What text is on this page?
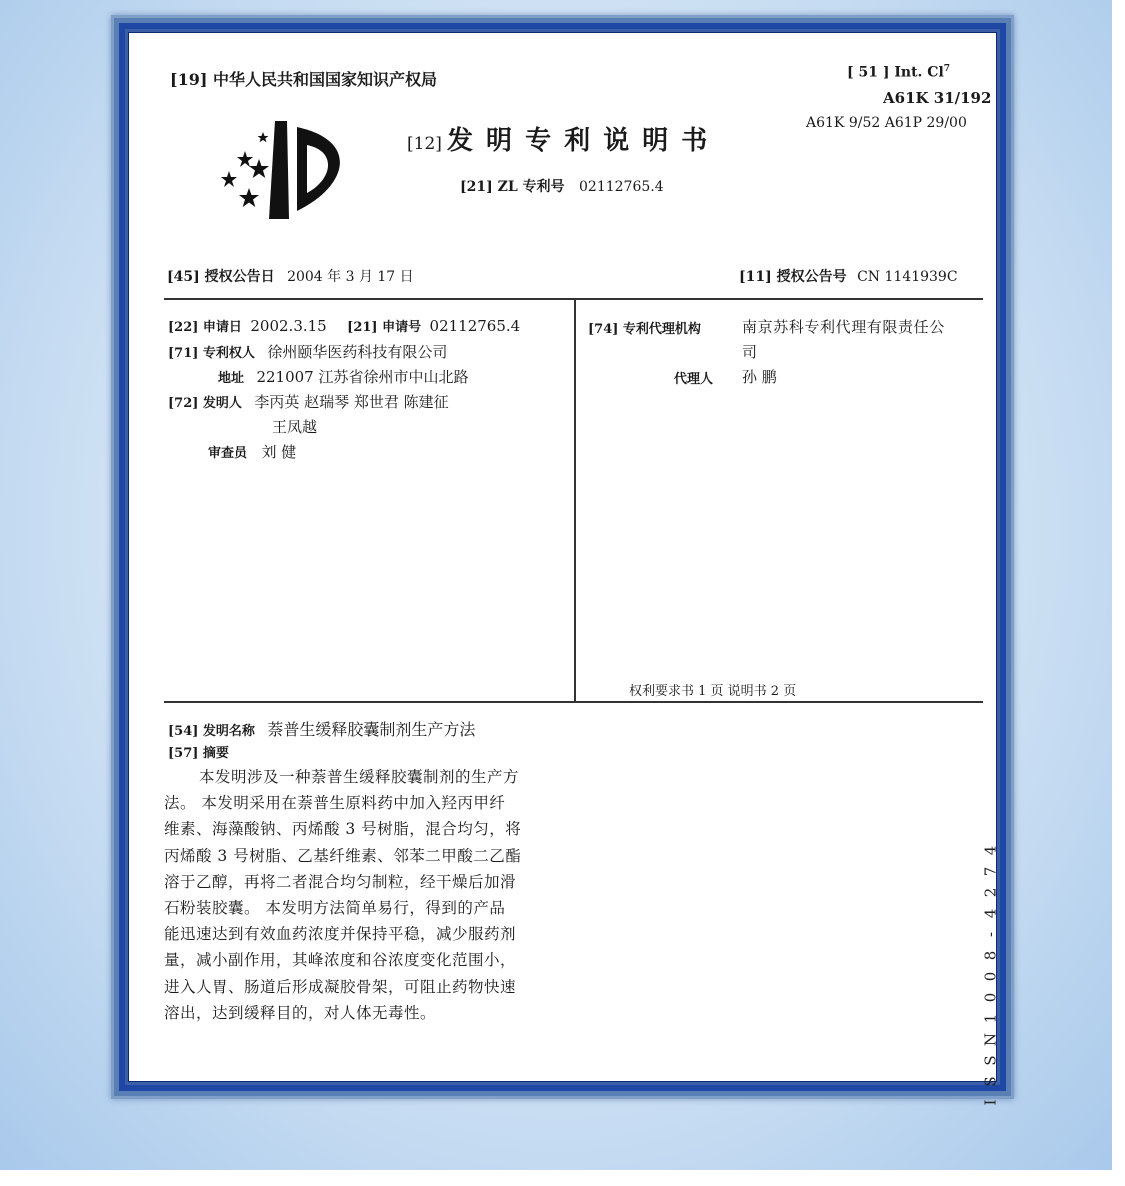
[19] 中华人民共和国国家知识产权局	[ 51 ] Int. Cl$^7$
A61K 31/192
A61K 9/52 A61P 29/00
[12] 发 明 专 利 说 明 书
[21] ZL 专利号 02112765.4
[45] 授权公告日 2004 年 3 月 17 日	[11] 授权公告号 CN 1141939C
[22] 申请日 2002.3.15 [21] 申请号 02112765.4
[71] 专利权人 徐州颐华医药科技有限公司
地址 221007 江苏省徐州市中山北路
[72] 发明人 李丙英 赵瑞琴 郑世君 陈建征
王凤越
审查员 刘 健
[74] 专利代理机构	南京苏科专利代理有限责任公
司
代理人 孙 鹏
权利要求书 1 页 说明书 2 页
[54] 发明名称 萘普生缓释胶囊制剂生产方法
[57] 摘要
本发明涉及一种萘普生缓释胶囊制剂的生产方
法。 本发明采用在萘普生原料药中加入羟丙甲纤
维素、海藻酸钠、丙烯酸 3 号树脂，混合均匀，将
丙烯酸 3 号树脂、乙基纤维素、邻苯二甲酸二乙酯
溶于乙醇，再将二者混合均匀制粒，经干燥后加滑
石粉装胶囊。 本发明方法简单易行，得到的产品
能迅速达到有效血药浓度并保持平稳，减少服药剂
量，减小副作用，其峰浓度和谷浓度变化范围小，
进入人胃、肠道后形成凝胶骨架，可阻止药物快速
溶出，达到缓释目的，对人体无毒性。
4
7
2
4
-
8
0
0
1
N
S
S
I
